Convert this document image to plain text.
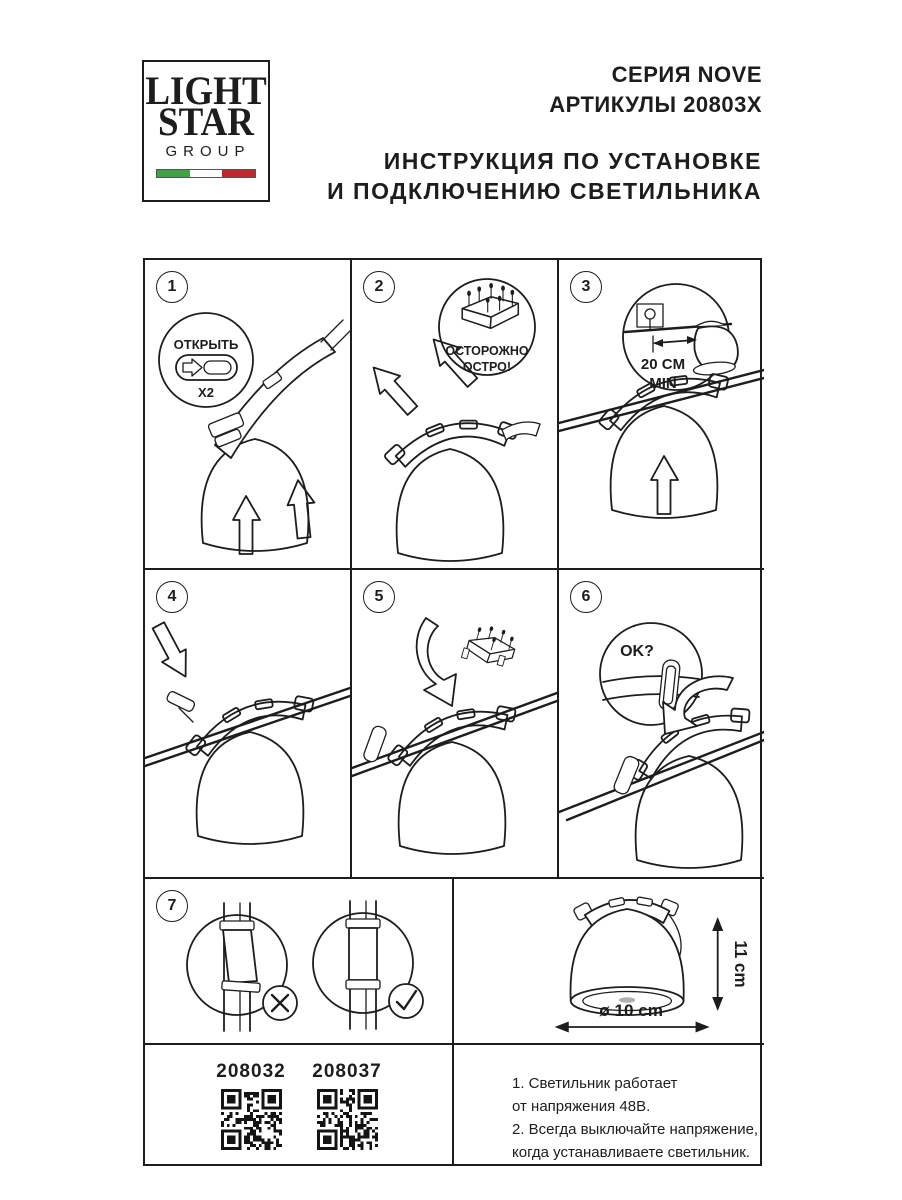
LIGHT
STAR
GROUP
СЕРИЯ NOVE
АРТИКУЛЫ 20803X
ИНСТРУКЦИЯ ПО УСТАНОВКЕ
И ПОДКЛЮЧЕНИЮ СВЕТИЛЬНИКА
1
ОТКРЫТЬ
X2
2
ОСТОРОЖНО
ОСТРО!
3
20 CM
MIN
4	5	6
OK?
7
11 cm
ø 10 cm
208032	208037
1. Светильник работает
от напряжения 48В.
2. Всегда выключайте напряжение,
когда устанавливаете светильник.
